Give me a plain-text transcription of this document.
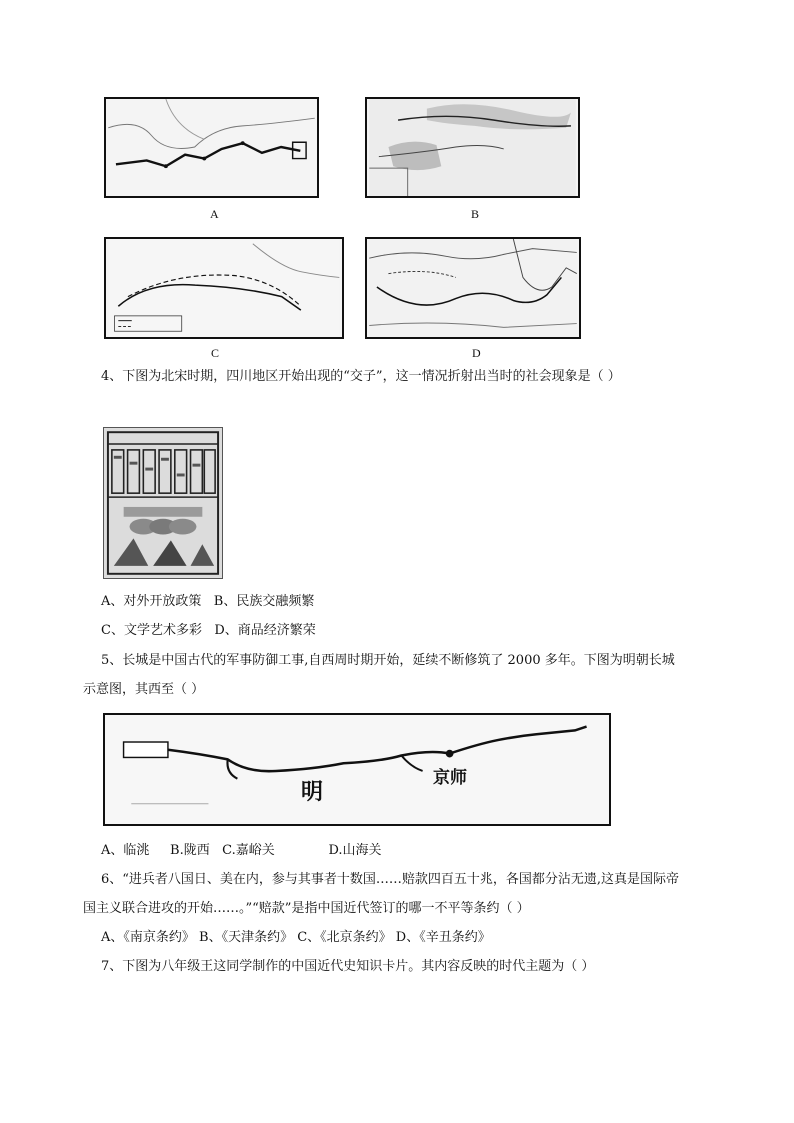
A	B
C	D
4、下图为北宋时期，四川地区开始出现的“交子”，这一情况折射出当时的社会现象是（ ）
A、对外开放政策   B、民族交融频繁
C、文学艺术多彩   D、商品经济繁荣
5、长城是中国古代的军事防御工事,自西周时期开始，延续不断修筑了 2000 多年。下图为明朝长城
示意图，其西至（ ）
京师
明
A、临洮     B.陇西   C.嘉峪关             D.山海关
6、“进兵者八国日、美在内，参与其事者十数国……赔款四百五十兆，各国都分沾无遗,这真是国际帝
国主义联合进攻的开始……。”“赔款”是指中国近代签订的哪一不平等条约（ ）
A、《南京条约》 B、《天津条约》 C、《北京条约》 D、《辛丑条约》
7、下图为八年级王这同学制作的中国近代史知识卡片。其内容反映的时代主题为（ ）
